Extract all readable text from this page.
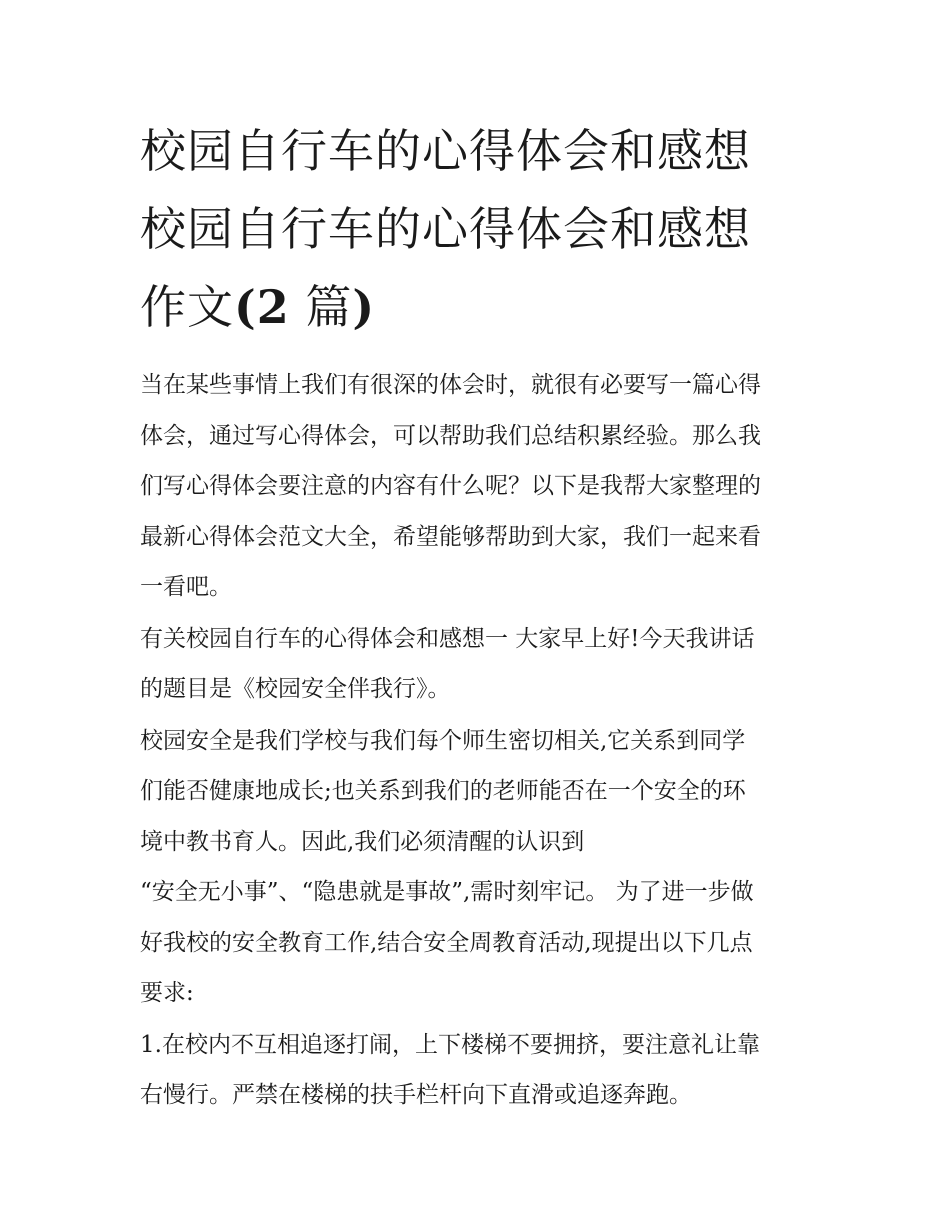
校园自行车的心得体会和感想
校园自行车的心得体会和感想
作文(2 篇)

当在某些事情上我们有很深的体会时，就很有必要写一篇心得
体会，通过写心得体会，可以帮助我们总结积累经验。那么我
们写心得体会要注意的内容有什么呢？以下是我帮大家整理的
最新心得体会范文大全，希望能够帮助到大家，我们一起来看
一看吧。

有关校园自行车的心得体会和感想一 大家早上好!今天我讲话
的题目是《校园安全伴我行》。

校园安全是我们学校与我们每个师生密切相关,它关系到同学
们能否健康地成长;也关系到我们的老师能否在一个安全的环
境中教书育人。因此,我们必须清醒的认识到
“安全无小事”、“隐患就是事故”,需时刻牢记。 为了进一步做
好我校的安全教育工作,结合安全周教育活动,现提出以下几点
要求:

1.在校内不互相追逐打闹，上下楼梯不要拥挤，要注意礼让靠
右慢行。严禁在楼梯的扶手栏杆向下直滑或追逐奔跑。
